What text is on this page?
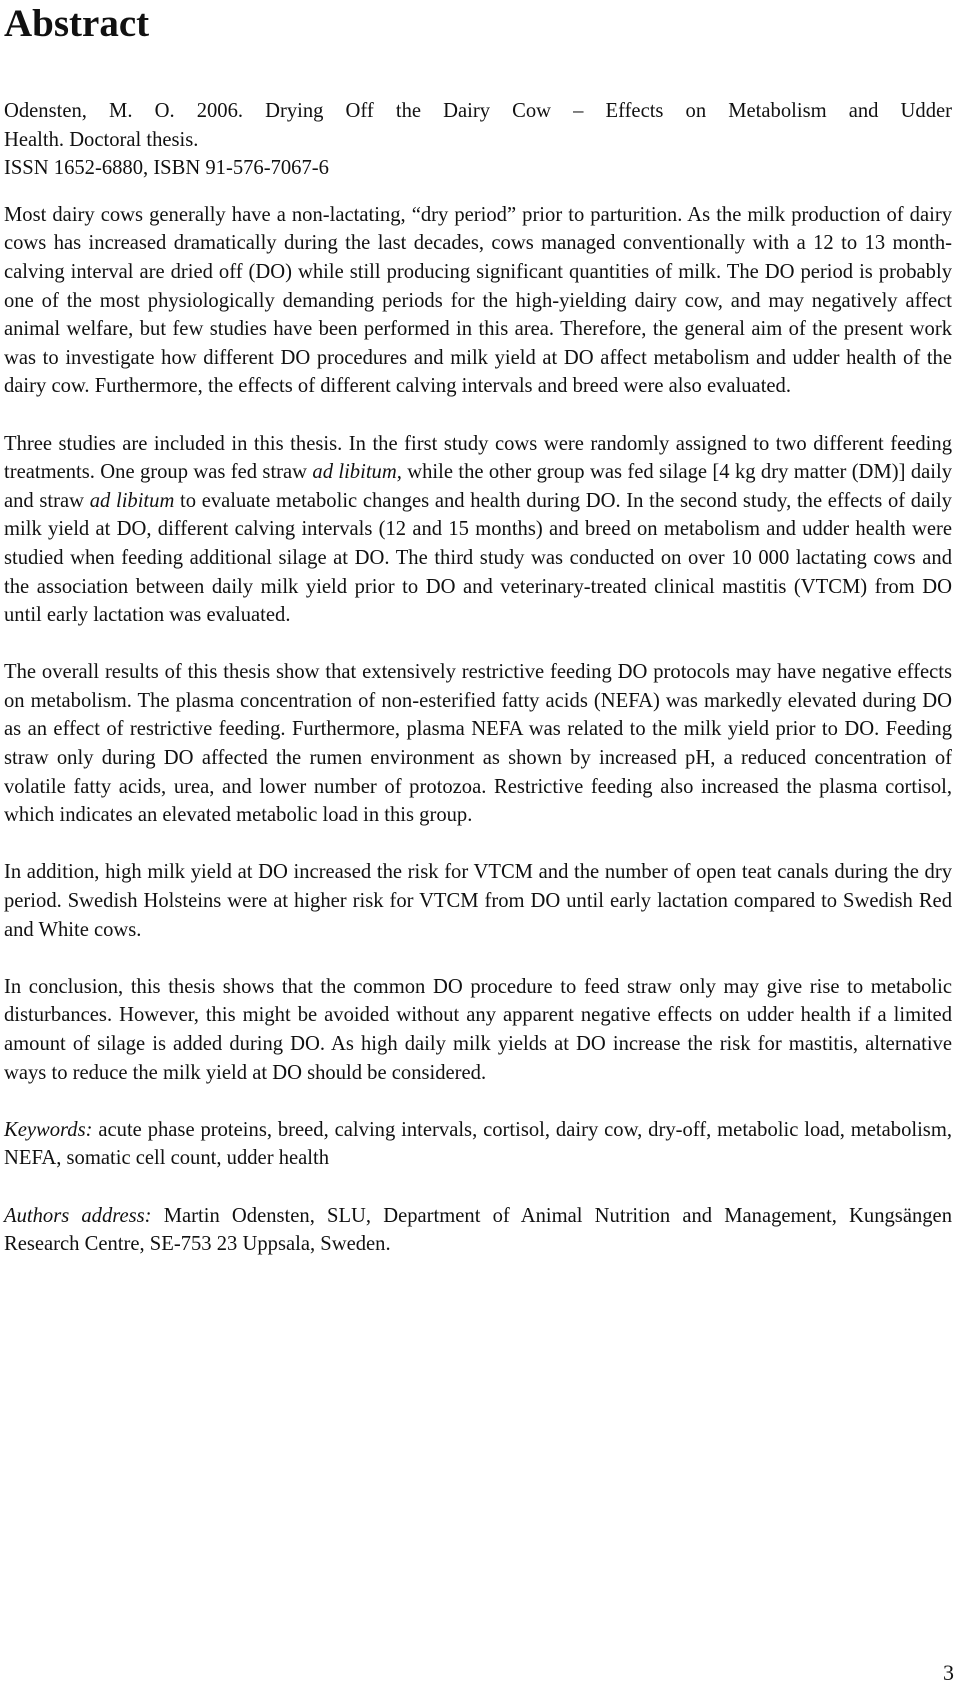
Abstract

Odensten, M. O. 2006. Drying Off the Dairy Cow – Effects on Metabolism and Udder
Health. Doctoral thesis.
ISSN 1652-6880, ISBN 91-576-7067-6

Most dairy cows generally have a non-lactating, “dry period” prior to parturition. As the milk production of dairy cows has increased dramatically during the last decades, cows managed conventionally with a 12 to 13 month-calving interval are dried off (DO) while still producing significant quantities of milk. The DO period is probably one of the most physiologically demanding periods for the high-yielding dairy cow, and may negatively affect animal welfare, but few studies have been performed in this area. Therefore, the general aim of the present work was to investigate how different DO procedures and milk yield at DO affect metabolism and udder health of the dairy cow. Furthermore, the effects of different calving intervals and breed were also evaluated.

Three studies are included in this thesis. In the first study cows were randomly assigned to two different feeding treatments. One group was fed straw ad libitum, while the other group was fed silage [4 kg dry matter (DM)] daily and straw ad libitum to evaluate metabolic changes and health during DO. In the second study, the effects of daily milk yield at DO, different calving intervals (12 and 15 months) and breed on metabolism and udder health were studied when feeding additional silage at DO. The third study was conducted on over 10 000 lactating cows and the association between daily milk yield prior to DO and veterinary-treated clinical mastitis (VTCM) from DO until early lactation was evaluated.

The overall results of this thesis show that extensively restrictive feeding DO protocols may have negative effects on metabolism. The plasma concentration of non-esterified fatty acids (NEFA) was markedly elevated during DO as an effect of restrictive feeding. Furthermore, plasma NEFA was related to the milk yield prior to DO. Feeding straw only during DO affected the rumen environment as shown by increased pH, a reduced concentration of volatile fatty acids, urea, and lower number of protozoa. Restrictive feeding also increased the plasma cortisol, which indicates an elevated metabolic load in this group.

In addition, high milk yield at DO increased the risk for VTCM and the number of open teat canals during the dry period. Swedish Holsteins were at higher risk for VTCM from DO until early lactation compared to Swedish Red and White cows.

In conclusion, this thesis shows that the common DO procedure to feed straw only may give rise to metabolic disturbances. However, this might be avoided without any apparent negative effects on udder health if a limited amount of silage is added during DO. As high daily milk yields at DO increase the risk for mastitis, alternative ways to reduce the milk yield at DO should be considered.

Keywords: acute phase proteins, breed, calving intervals, cortisol, dairy cow, dry-off, metabolic load, metabolism, NEFA, somatic cell count, udder health

Authors address: Martin Odensten, SLU, Department of Animal Nutrition and Management, Kungsängen Research Centre, SE-753 23 Uppsala, Sweden.

3
